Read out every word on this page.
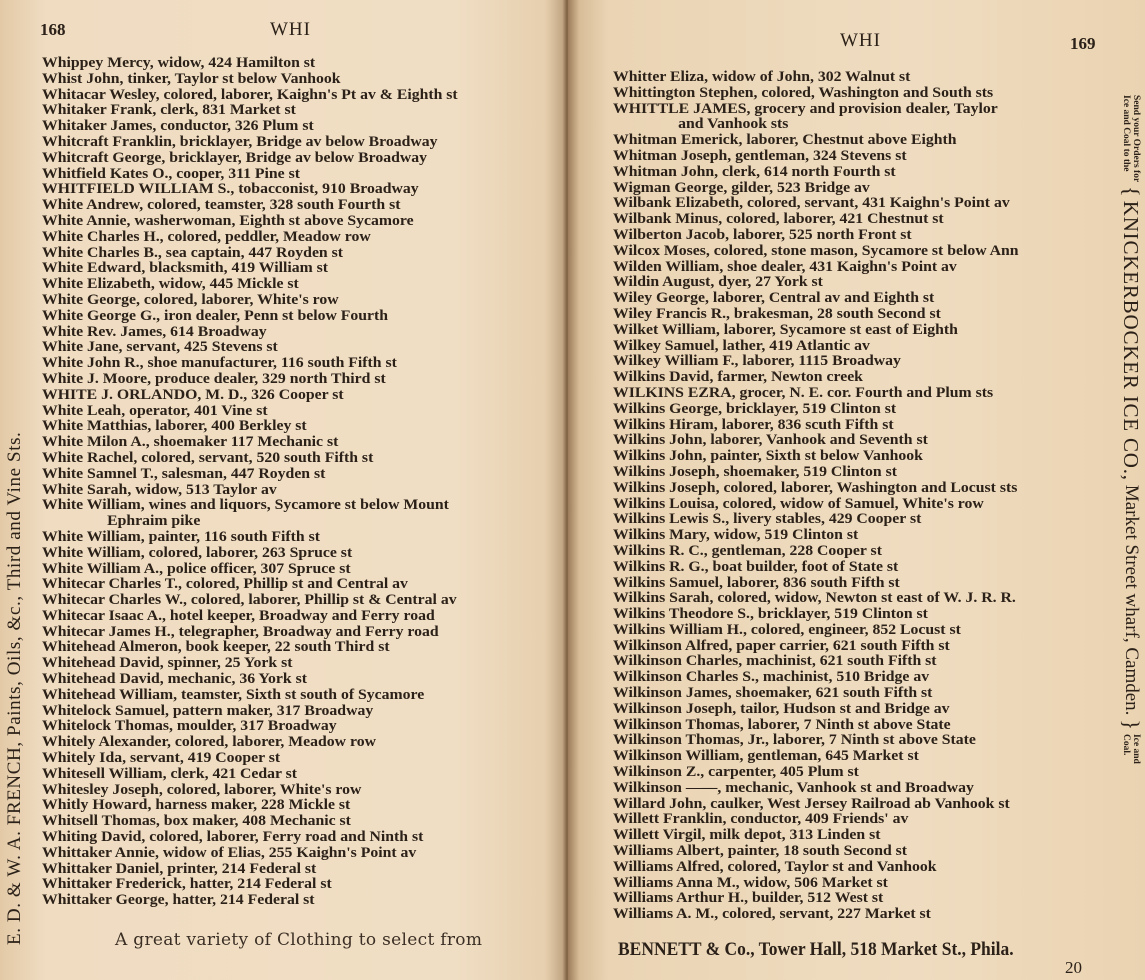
168	WHI
Whippey Mercy, widow, 424 Hamilton st
Whist John, tinker, Taylor st below Vanhook
Whitacar Wesley, colored, laborer, Kaighn's Pt av & Eighth st
Whitaker Frank, clerk, 831 Market st
Whitaker James, conductor, 326 Plum st
Whitcraft Franklin, bricklayer, Bridge av below Broadway
Whitcraft George, bricklayer, Bridge av below Broadway
Whitfield Kates O., cooper, 311 Pine st
WHITFIELD WILLIAM S., tobacconist, 910 Broadway
White Andrew, colored, teamster, 328 south Fourth st
White Annie, washerwoman, Eighth st above Sycamore
White Charles H., colored, peddler, Meadow row
White Charles B., sea captain, 447 Royden st
White Edward, blacksmith, 419 William st
White Elizabeth, widow, 445 Mickle st
White George, colored, laborer, White's row
White George G., iron dealer, Penn st below Fourth
White Rev. James, 614 Broadway
White Jane, servant, 425 Stevens st
White John R., shoe manufacturer, 116 south Fifth st
White J. Moore, produce dealer, 329 north Third st
WHITE J. ORLANDO, M. D., 326 Cooper st
White Leah, operator, 401 Vine st
White Matthias, laborer, 400 Berkley st
White Milon A., shoemaker 117 Mechanic st
White Rachel, colored, servant, 520 south Fifth st
White Samnel T., salesman, 447 Royden st
White Sarah, widow, 513 Taylor av
White William, wines and liquors, Sycamore st below Mount
Ephraim pike
White William, painter, 116 south Fifth st
White William, colored, laborer, 263 Spruce st
White William A., police officer, 307 Spruce st
Whitecar Charles T., colored, Phillip st and Central av
Whitecar Charles W., colored, laborer, Phillip st & Central av
Whitecar Isaac A., hotel keeper, Broadway and Ferry road
Whitecar James H., telegrapher, Broadway and Ferry road
Whitehead Almeron, book keeper, 22 south Third st
Whitehead David, spinner, 25 York st
Whitehead David, mechanic, 36 York st
Whitehead William, teamster, Sixth st south of Sycamore
Whitelock Samuel, pattern maker, 317 Broadway
Whitelock Thomas, moulder, 317 Broadway
Whitely Alexander, colored, laborer, Meadow row
Whitely Ida, servant, 419 Cooper st
Whitesell William, clerk, 421 Cedar st
Whitesley Joseph, colored, laborer, White's row
Whitly Howard, harness maker, 228 Mickle st
Whitsell Thomas, box maker, 408 Mechanic st
Whiting David, colored, laborer, Ferry road and Ninth st
Whittaker Annie, widow of Elias, 255 Kaighn's Point av
Whittaker Daniel, printer, 214 Federal st
Whittaker Frederick, hatter, 214 Federal st
Whittaker George, hatter, 214 Federal st
E. D. & W. A. FRENCH, Paints, Oils, &c., Third and Vine Sts.	A great variety of Clothing to select from
WHI	169
Whitter Eliza, widow of John, 302 Walnut st
Whittington Stephen, colored, Washington and South sts
WHITTLE JAMES, grocery and provision dealer, Taylor
and Vanhook sts
Whitman Emerick, laborer, Chestnut above Eighth
Whitman Joseph, gentleman, 324 Stevens st
Whitman John, clerk, 614 north Fourth st
Wigman George, gilder, 523 Bridge av
Wilbank Elizabeth, colored, servant, 431 Kaighn's Point av
Wilbank Minus, colored, laborer, 421 Chestnut st
Wilberton Jacob, laborer, 525 north Front st
Wilcox Moses, colored, stone mason, Sycamore st below Ann
Wilden William, shoe dealer, 431 Kaighn's Point av
Wildin August, dyer, 27 York st
Wiley George, laborer, Central av and Eighth st
Wiley Francis R., brakesman, 28 south Second st
Wilket William, laborer, Sycamore st east of Eighth
Wilkey Samuel, lather, 419 Atlantic av
Wilkey William F., laborer, 1115 Broadway
Wilkins David, farmer, Newton creek
WILKINS EZRA, grocer, N. E. cor. Fourth and Plum sts
Wilkins George, bricklayer, 519 Clinton st
Wilkins Hiram, laborer, 836 scuth Fifth st
Wilkins John, laborer, Vanhook and Seventh st
Wilkins John, painter, Sixth st below Vanhook
Wilkins Joseph, shoemaker, 519 Clinton st
Wilkins Joseph, colored, laborer, Washington and Locust sts
Wilkins Louisa, colored, widow of Samuel, White's row
Wilkins Lewis S., livery stables, 429 Cooper st
Wilkins Mary, widow, 519 Clinton st
Wilkins R. C., gentleman, 228 Cooper st
Wilkins R. G., boat builder, foot of State st
Wilkins Samuel, laborer, 836 south Fifth st
Wilkins Sarah, colored, widow, Newton st east of W. J. R. R.
Wilkins Theodore S., bricklayer, 519 Clinton st
Wilkins William H., colored, engineer, 852 Locust st
Wilkinson Alfred, paper carrier, 621 south Fifth st
Wilkinson Charles, machinist, 621 south Fifth st
Wilkinson Charles S., machinist, 510 Bridge av
Wilkinson James, shoemaker, 621 south Fifth st
Wilkinson Joseph, tailor, Hudson st and Bridge av
Wilkinson Thomas, laborer, 7 Ninth st above State
Wilkinson Thomas, Jr., laborer, 7 Ninth st above State
Wilkinson William, gentleman, 645 Market st
Wilkinson Z., carpenter, 405 Plum st
Wilkinson ——, mechanic, Vanhook st and Broadway
Willard John, caulker, West Jersey Railroad ab Vanhook st
Willett Franklin, conductor, 409 Friends' av
Willett Virgil, milk depot, 313 Linden st
Williams Albert, painter, 18 south Second st
Williams Alfred, colored, Taylor st and Vanhook
Williams Anna M., widow, 506 Market st
Williams Arthur H., builder, 512 West st
Williams A. M., colored, servant, 227 Market st
Send your Orders for
Ice and Coal to the
{
KNICKERBOCKER ICE CO.,
Market Street wharf, Camden.
}
Ice and
Coal.
BENNETT & Co., Tower Hall, 518 Market St., Phila.
20
